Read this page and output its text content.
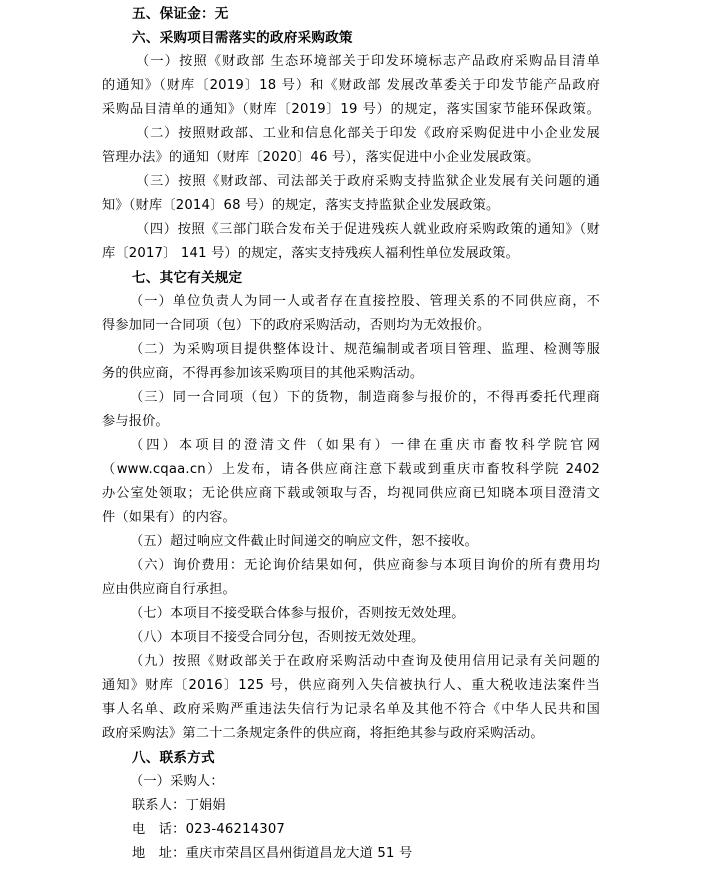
五、保证金：无
六、采购项目需落实的政府采购政策
（一）按照《财政部 生态环境部关于印发环境标志产品政府采购品目清单
的通知》（财库〔2019〕18 号）和《财政部 发展改革委关于印发节能产品政府
采购品目清单的通知》（财库〔2019〕19 号）的规定，落实国家节能环保政策。
（二）按照财政部、工业和信息化部关于印发《政府采购促进中小企业发展
管理办法》的通知（财库〔2020〕46 号），落实促进中小企业发展政策。
（三）按照《财政部、司法部关于政府采购支持监狱企业发展有关问题的通
知》（财库〔2014〕68 号）的规定，落实支持监狱企业发展政策。
（四）按照《三部门联合发布关于促进残疾人就业政府采购政策的通知》（财
库〔2017〕 141 号）的规定，落实支持残疾人福利性单位发展政策。
七、其它有关规定
（一）单位负责人为同一人或者存在直接控股、管理关系的不同供应商，不
得参加同一合同项（包）下的政府采购活动，否则均为无效报价。
（二）为采购项目提供整体设计、规范编制或者项目管理、监理、检测等服
务的供应商，不得再参加该采购项目的其他采购活动。
（三）同一合同项（包）下的货物，制造商参与报价的，不得再委托代理商
参与报价。
（四）本项目的澄清文件（如果有）一律在重庆市畜牧科学院官网
（www.cqaa.cn）上发布，请各供应商注意下载或到重庆市畜牧科学院 2402
办公室处领取；无论供应商下载或领取与否，均视同供应商已知晓本项目澄清文
件（如果有）的内容。
（五）超过响应文件截止时间递交的响应文件，恕不接收。
（六）询价费用：无论询价结果如何，供应商参与本项目询价的所有费用均
应由供应商自行承担。
（七）本项目不接受联合体参与报价，否则按无效处理。
（八）本项目不接受合同分包，否则按无效处理。
（九）按照《财政部关于在政府采购活动中查询及使用信用记录有关问题的
通知》财库〔2016〕125 号，供应商列入失信被执行人、重大税收违法案件当
事人名单、政府采购严重违法失信行为记录名单及其他不符合《中华人民共和国
政府采购法》第二十二条规定条件的供应商，将拒绝其参与政府采购活动。
八、联系方式
（一）采购人：
联系人：丁娟娟
电　话：023-46214307
地　址：重庆市荣昌区昌州街道昌龙大道 51 号
